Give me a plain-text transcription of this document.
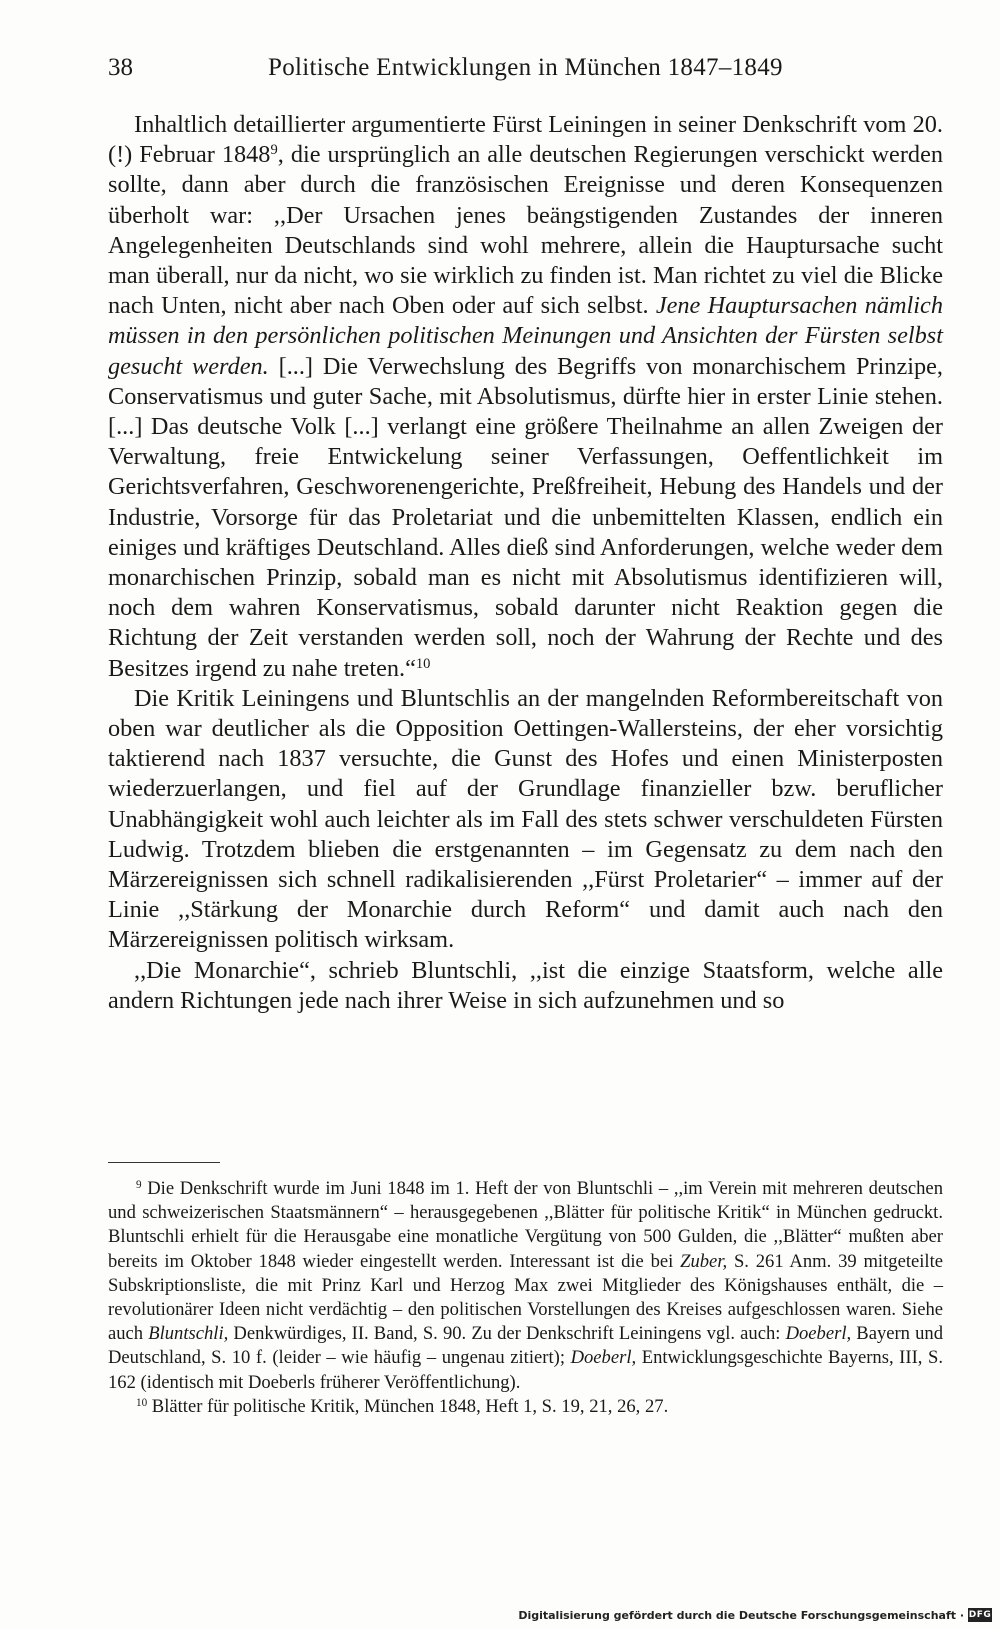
38	Politische Entwicklungen in München 1847–1849

Inhaltlich detaillierter argumentierte Fürst Leiningen in seiner Denkschrift vom 20. (!) Februar 1848$^9$, die ursprünglich an alle deutschen Regierungen verschickt werden sollte, dann aber durch die französischen Ereignisse und deren Konsequenzen überholt war: ,,Der Ursachen jenes beängstigenden Zustandes der inneren Angelegenheiten Deutschlands sind wohl mehrere, allein die Hauptursache sucht man überall, nur da nicht, wo sie wirklich zu finden ist. Man richtet zu viel die Blicke nach Unten, nicht aber nach Oben oder auf sich selbst. Jene Hauptursachen nämlich müssen in den persönlichen politischen Meinungen und Ansichten der Fürsten selbst gesucht werden. [...] Die Verwechslung des Begriffs von monarchischem Prinzipe, Conservatismus und guter Sache, mit Absolutismus, dürfte hier in erster Linie stehen. [...] Das deutsche Volk [...] verlangt eine größere Theilnahme an allen Zweigen der Verwaltung, freie Entwickelung seiner Verfassungen, Oeffentlichkeit im Gerichtsverfahren, Geschworenengerichte, Preßfreiheit, Hebung des Handels und der Industrie, Vorsorge für das Proletariat und die unbemittelten Klassen, endlich ein einiges und kräftiges Deutschland. Alles dieß sind Anforderungen, welche weder dem monarchischen Prinzip, sobald man es nicht mit Absolutismus identifizieren will, noch dem wahren Konservatismus, sobald darunter nicht Reaktion gegen die Richtung der Zeit verstanden werden soll, noch der Wahrung der Rechte und des Besitzes irgend zu nahe treten.“$^{10}$

Die Kritik Leiningens und Bluntschlis an der mangelnden Reformbereitschaft von oben war deutlicher als die Opposition Oettingen-Wallersteins, der eher vorsichtig taktierend nach 1837 versuchte, die Gunst des Hofes und einen Ministerposten wiederzuerlangen, und fiel auf der Grundlage finanzieller bzw. beruflicher Unabhängigkeit wohl auch leichter als im Fall des stets schwer verschuldeten Fürsten Ludwig. Trotzdem blieben die erstgenannten – im Gegensatz zu dem nach den Märzereignissen sich schnell radikalisierenden ,,Fürst Proletarier“ – immer auf der Linie ,,Stärkung der Monarchie durch Reform“ und damit auch nach den Märzereignissen politisch wirksam.

,,Die Monarchie“, schrieb Bluntschli, ,,ist die einzige Staatsform, welche alle andern Richtungen jede nach ihrer Weise in sich aufzunehmen und so

$^9$ Die Denkschrift wurde im Juni 1848 im 1. Heft der von Bluntschli – ,,im Verein mit mehreren deutschen und schweizerischen Staatsmännern“ – herausgegebenen ,,Blätter für politische Kritik“ in München gedruckt. Bluntschli erhielt für die Herausgabe eine monatliche Vergütung von 500 Gulden, die ,,Blätter“ mußten aber bereits im Oktober 1848 wieder eingestellt werden. Interessant ist die bei Zuber, S. 261 Anm. 39 mitgeteilte Subskriptionsliste, die mit Prinz Karl und Herzog Max zwei Mitglieder des Königshauses enthält, die – revolutionärer Ideen nicht verdächtig – den politischen Vorstellungen des Kreises aufgeschlossen waren. Siehe auch Bluntschli, Denkwürdiges, II. Band, S. 90. Zu der Denkschrift Leiningens vgl. auch: Doeberl, Bayern und Deutschland, S. 10 f. (leider – wie häufig – ungenau zitiert); Doeberl, Entwicklungsgeschichte Bayerns, III, S. 162 (identisch mit Doeberls früherer Veröffentlichung).

$^{10}$ Blätter für politische Kritik, München 1848, Heft 1, S. 19, 21, 26, 27.

Digitalisierung gefördert durch die Deutsche Forschungsgemeinschaft · DFG
